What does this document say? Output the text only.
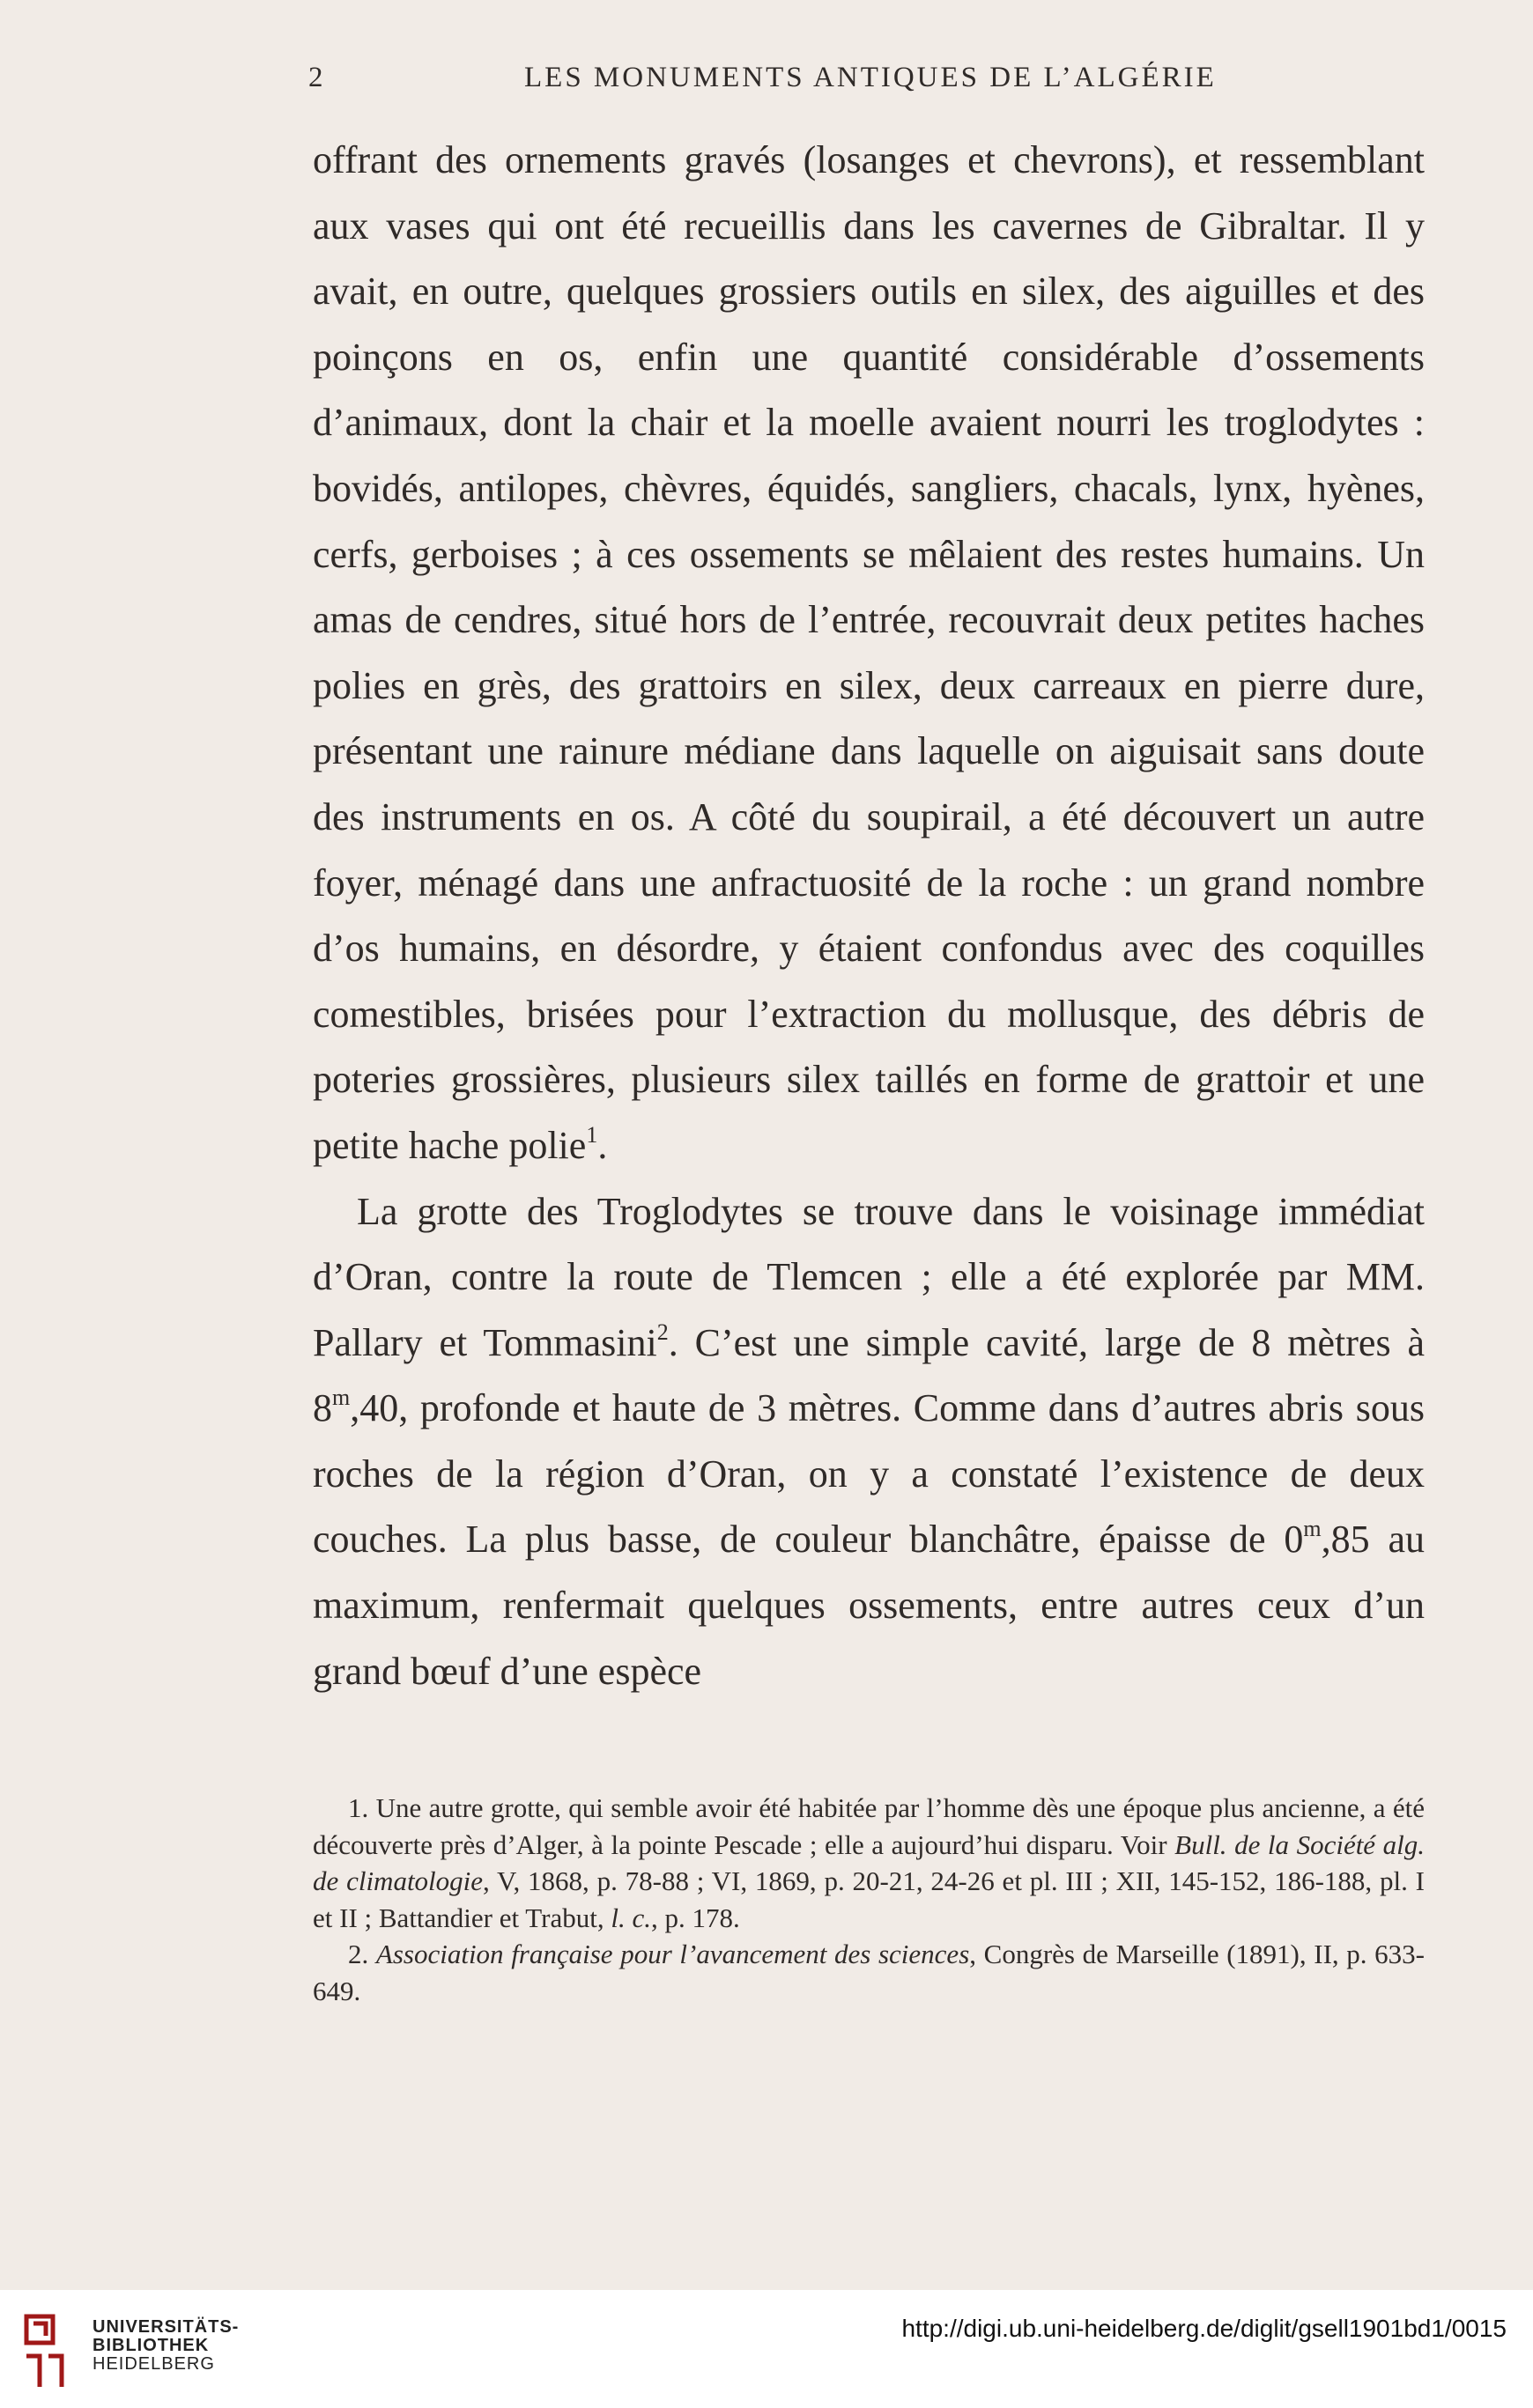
2	LES MONUMENTS ANTIQUES DE L’ALGÉRIE

offrant des ornements gravés (losanges et chevrons), et ressemblant aux vases qui ont été recueillis dans les cavernes de Gibraltar. Il y avait, en outre, quelques grossiers outils en silex, des aiguilles et des poinçons en os, enfin une quantité considérable d’ossements d’animaux, dont la chair et la moelle avaient nourri les troglodytes : bovidés, antilopes, chèvres, équidés, sangliers, chacals, lynx, hyènes, cerfs, gerboises ; à ces ossements se mêlaient des restes humains. Un amas de cendres, situé hors de l’entrée, recouvrait deux petites haches polies en grès, des grattoirs en silex, deux carreaux en pierre dure, présentant une rainure médiane dans laquelle on aiguisait sans doute des instruments en os. A côté du soupirail, a été découvert un autre foyer, ménagé dans une anfractuosité de la roche : un grand nombre d’os humains, en désordre, y étaient confondus avec des coquilles comestibles, brisées pour l’extraction du mollusque, des débris de poteries grossières, plusieurs silex taillés en forme de grattoir et une petite hache polie$^1$.

La grotte des Troglodytes se trouve dans le voisinage immédiat d’Oran, contre la route de Tlemcen ; elle a été explorée par MM. Pallary et Tommasini$^2$. C’est une simple cavité, large de 8 mètres à 8$^m$,40, profonde et haute de 3 mètres. Comme dans d’autres abris sous roches de la région d’Oran, on y a constaté l’existence de deux couches. La plus basse, de couleur blanchâtre, épaisse de 0$^m$,85 au maximum, renfermait quelques ossements, entre autres ceux d’un grand bœuf d’une espèce

1. Une autre grotte, qui semble avoir été habitée par l’homme dès une époque plus ancienne, a été découverte près d’Alger, à la pointe Pescade ; elle a aujourd’hui disparu. Voir Bull. de la Société alg. de climatologie, V, 1868, p. 78-88 ; VI, 1869, p. 20-21, 24-26 et pl. III ; XII, 145-152, 186-188, pl. I et II ; Battandier et Trabut, l. c., p. 178.

2. Association française pour l’avancement des sciences, Congrès de Marseille (1891), II, p. 633-649.

UNIVERSITÄTS-
BIBLIOTHEK
HEIDELBERG
http://digi.ub.uni-heidelberg.de/diglit/gsell1901bd1/0015
